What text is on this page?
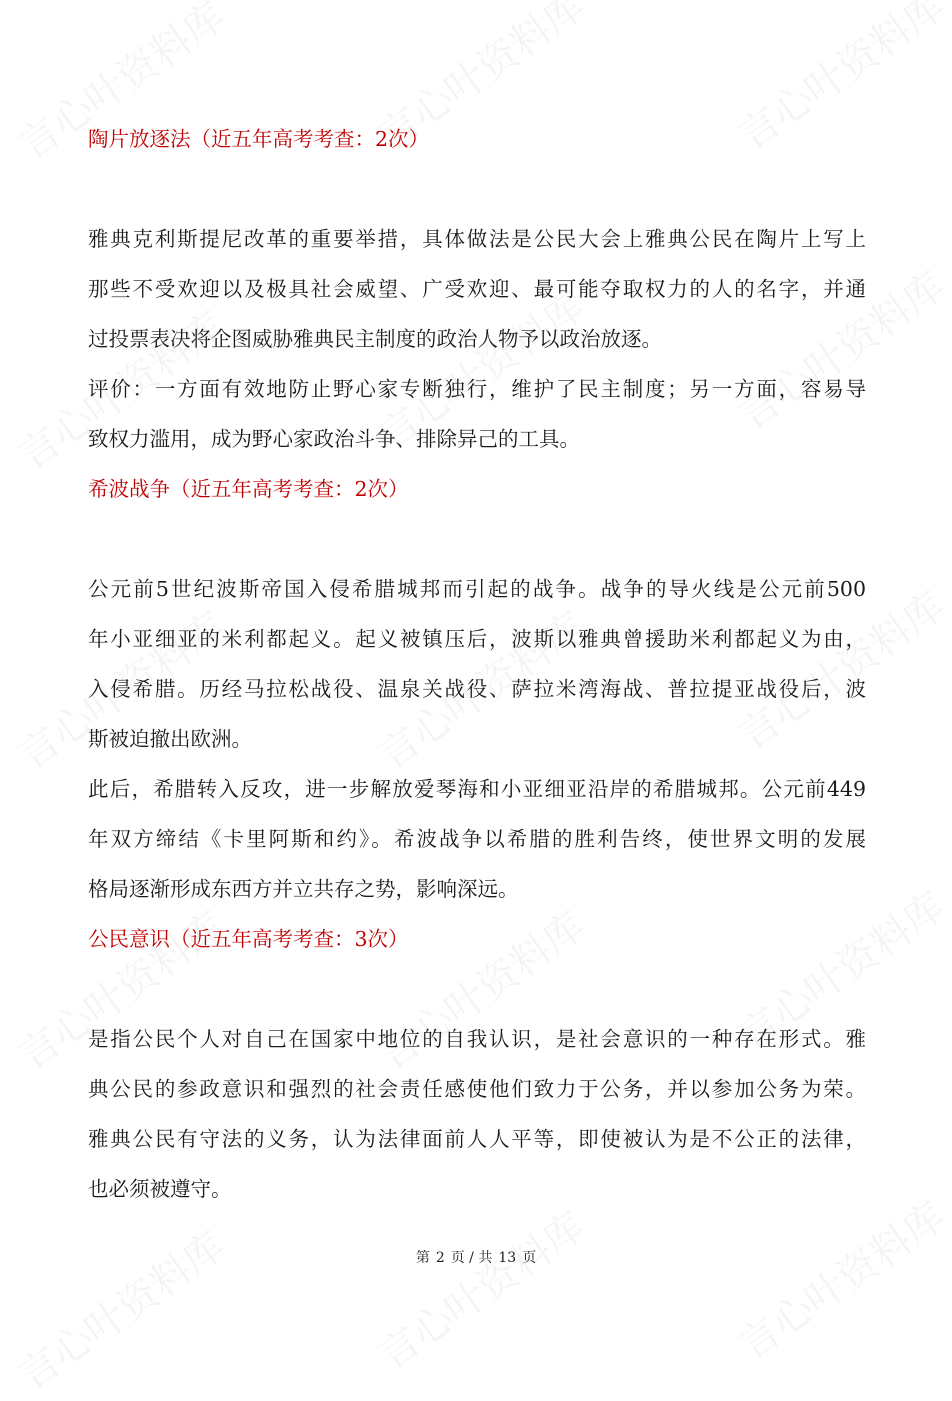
陶片放逐法（近五年高考考查：2次）
雅典克利斯提尼改革的重要举措，具体做法是公民大会上雅典公民在陶片上写上
那些不受欢迎以及极具社会威望、广受欢迎、最可能夺取权力的人的名字，并通
过投票表决将企图威胁雅典民主制度的政治人物予以政治放逐。
评价：一方面有效地防止野心家专断独行，维护了民主制度；另一方面，容易导
致权力滥用，成为野心家政治斗争、排除异己的工具。
希波战争（近五年高考考查：2次）
公元前5世纪波斯帝国入侵希腊城邦而引起的战争。战争的导火线是公元前500
年小亚细亚的米利都起义。起义被镇压后，波斯以雅典曾援助米利都起义为由，
入侵希腊。历经马拉松战役、温泉关战役、萨拉米湾海战、普拉提亚战役后，波
斯被迫撤出欧洲。
此后，希腊转入反攻，进一步解放爱琴海和小亚细亚沿岸的希腊城邦。公元前449
年双方缔结《卡里阿斯和约》。希波战争以希腊的胜利告终，使世界文明的发展
格局逐渐形成东西方并立共存之势，影响深远。
公民意识（近五年高考考查：3次）
是指公民个人对自己在国家中地位的自我认识，是社会意识的一种存在形式。雅
典公民的参政意识和强烈的社会责任感使他们致力于公务，并以参加公务为荣。
雅典公民有守法的义务，认为法律面前人人平等，即使被认为是不公正的法律，
也必须被遵守。
第 2 页 / 共 13 页
